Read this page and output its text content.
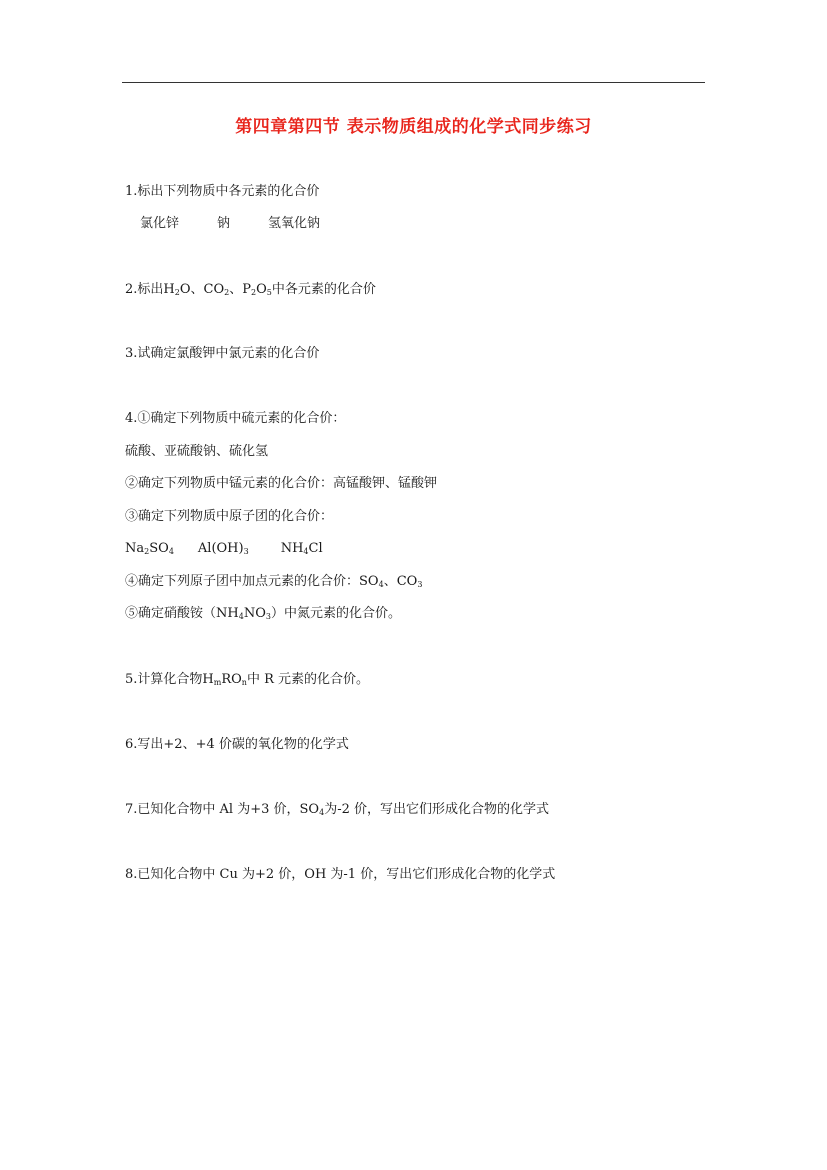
第四章第四节 表示物质组成的化学式同步练习
1.标出下列物质中各元素的化合价
氯化锌	钠	氢氧化钠
2.标出$H_2O$、$CO_2$、$P_2O_5$中各元素的化合价
3.试确定氯酸钾中氯元素的化合价
4.①确定下列物质中硫元素的化合价：
硫酸、亚硫酸钠、硫化氢
②确定下列物质中锰元素的化合价：高锰酸钾、锰酸钾
③确定下列物质中原子团的化合价：
$Na_2SO_4$ $Al(OH)_3$ $NH_4Cl$
④确定下列原子团中加点元素的化合价：$SO_4$、$CO_3$
⑤确定硝酸铵$(NH_4NO_3)$中氮元素的化合价。
5.计算化合物$H_mRO_n$中 R 元素的化合价。
6.写出+2、+4 价碳的氧化物的化学式
7.已知化合物中 Al 为+3 价，$SO_4$为-2 价，写出它们形成化合物的化学式
8.已知化合物中 Cu 为+2 价，OH 为-1 价，写出它们形成化合物的化学式
